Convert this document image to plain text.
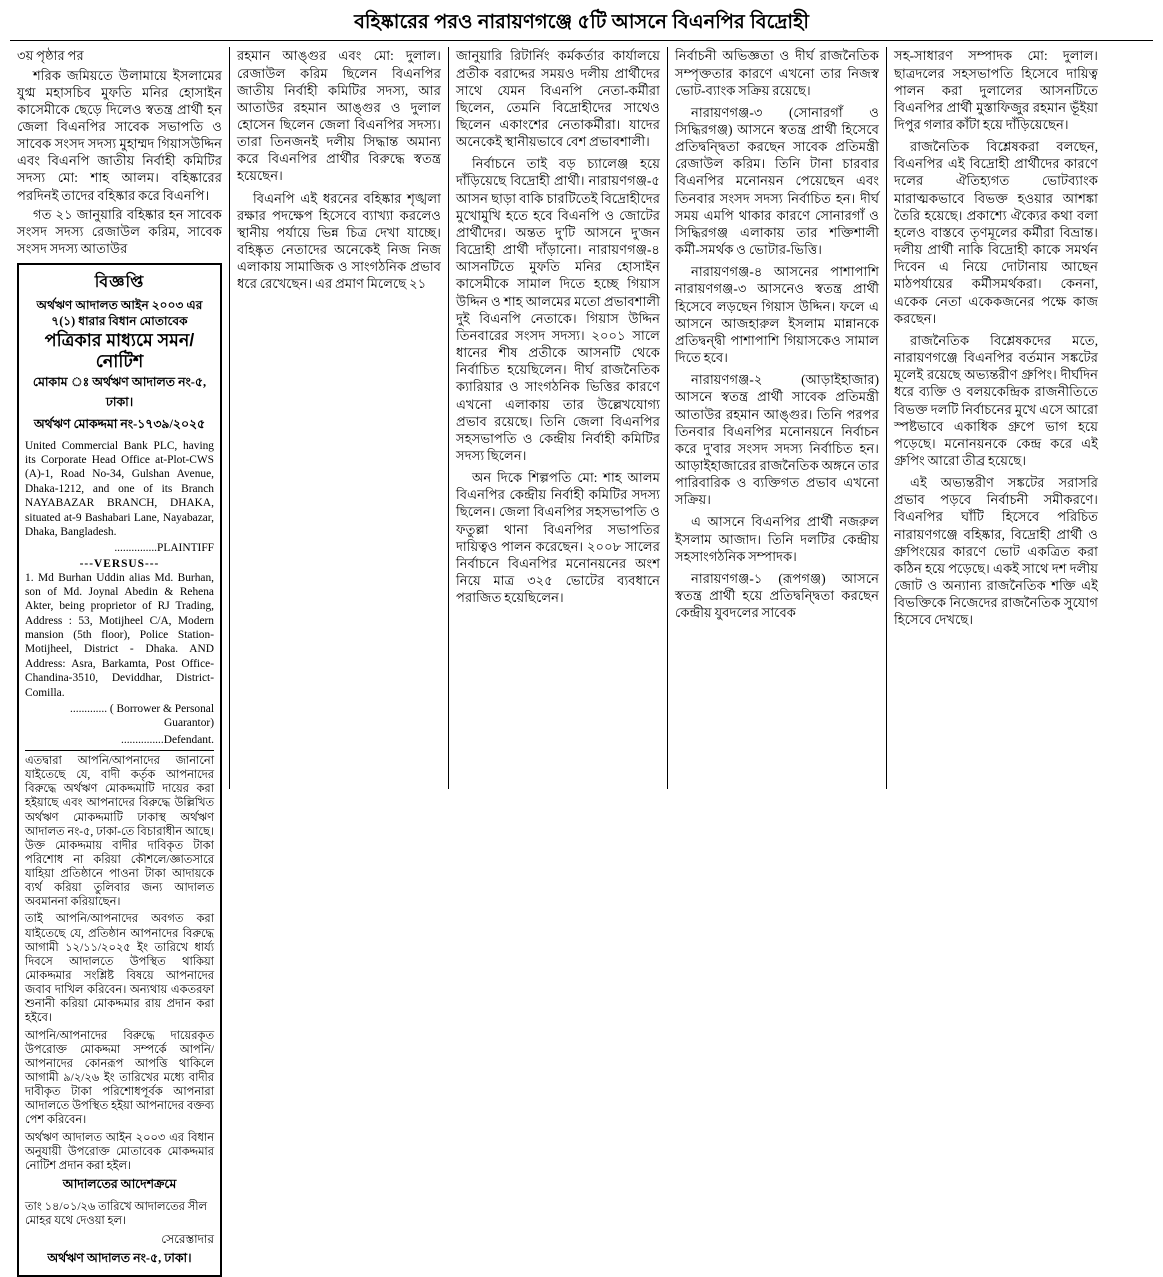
বহিষ্কারের পরও নারায়ণগঞ্জে ৫টি আসনে বিএনপির বিদ্রোহী

৩য় পৃষ্ঠার পর

শরিক জমিয়তে উলামায়ে ইসলামের যুগ্ম মহাসচিব মুফতি মনির হোসাইন কাসেমীকে ছেড়ে দিলেও স্বতন্ত্র প্রার্থী হন জেলা বিএনপির সাবেক সভাপতি ও সাবেক সংসদ সদস্য মুহাম্মদ গিয়াসউদ্দিন এবং বিএনপি জাতীয় নির্বাহী কমিটির সদস্য মো: শাহ আলম। বহিষ্কারের পরদিনই তাদের বহিষ্কার করে বিএনপি।

গত ২১ জানুয়ারি বহিষ্কার হন সাবেক সংসদ সদস্য রেজাউল করিম, সাবেক সংসদ সদস্য আতাউর

বিজ্ঞপ্তি
অর্থঋণ আদালত আইন ২০০৩ এর ৭(১) ধারার বিধান মোতাবেক
পত্রিকার মাধ্যমে সমন/নোটিশ
মোকাম ঃ অর্থঋণ আদালত নং-৫, ঢাকা।
অর্থঋণ মোকদ্দমা নং-১৭৩৯/২০২৫
United Commercial Bank PLC, having its Corporate Head Office at-Plot-CWS (A)-1, Road No-34, Gulshan Avenue, Dhaka-1212, and one of its Branch NAYABAZAR BRANCH, DHAKA, situated at-9 Bashabari Lane, Nayabazar, Dhaka, Bangladesh.
...............PLAINTIFF
---VERSUS---
1. Md Burhan Uddin alias Md. Burhan, son of Md. Joynal Abedin & Rehena Akter, being proprietor of RJ Trading, Address : 53, Motijheel C/A, Modern mansion (5th floor), Police Station- Motijheel, District - Dhaka. AND Address: Asra, Barkamta, Post Office-Chandina-3510, Deviddhar, District-Comilla.
............. ( Borrower & Personal Guarantor)
...............Defendant.
এতদ্বারা আপনি/আপনাদের জানানো যাইতেছে যে, বাদী কর্তৃক আপনাদের বিরুদ্ধে অর্থঋণ মোকদ্দমাটি দায়ের করা হইয়াছে এবং আপনাদের বিরুদ্ধে উল্লিখিত অর্থঋণ মোকদ্দমাটি ঢাকাস্থ অর্থঋণ আদালত নং-৫, ঢাকা-তে বিচারাধীন আছে। উক্ত মোকদ্দমায় বাদীর দাবিকৃত টাকা পরিশোধ না করিয়া কৌশলে/জ্ঞাতসারে যাহিয়া প্রতিষ্ঠানে পাওনা টাকা আদায়কে ব্যর্থ করিয়া তুলিবার জন্য আদালত অবমাননা করিয়াছেন।
তাই আপনি/আপনাদের অবগত করা যাইতেছে যে, প্রতিষ্ঠান আপনাদের বিরুদ্ধে আগামী ১২/১১/২০২৫ ইং তারিখে ধার্য্য দিবসে আদালতে উপস্থিত থাকিয়া মোকদ্দমার সংশ্লিষ্ট বিষয়ে আপনাদের জবাব দাখিল করিবেন। অন্যথায় একতরফা শুনানী করিয়া মোকদ্দমার রায় প্রদান করা হইবে।
আপনি/আপনাদের বিরুদ্ধে দায়েরকৃত উপরোক্ত মোকদ্দমা সম্পর্কে আপনি/আপনাদের কোনরূপ আপত্তি থাকিলে আগামী ৯/২/২৬ ইং তারিখের মধ্যে বাদীর দাবীকৃত টাকা পরিশোধপূর্বক আপনারা আদালতে উপস্থিত হইয়া আপনাদের বক্তব্য পেশ করিবেন।
অর্থঋণ আদালত আইন ২০০৩ এর বিধান অনুযায়ী উপরোক্ত মোতাবেক মোকদ্দমার নোটিশ প্রদান করা হইল।
আদালতের আদেশক্রমে
তাং ১৪/০১/২৬ তারিখে আদালতের সীল মোহর যথে দেওয়া হল।
সেরেস্তাদার
অর্থঋণ আদালত নং-৫, ঢাকা।

রহমান আঙ্গুর এবং মো: দুলাল। রেজাউল করিম ছিলেন বিএনপির জাতীয় নির্বাহী কমিটির সদস্য, আর আতাউর রহমান আঙ্গুর ও দুলাল হোসেন ছিলেন জেলা বিএনপির সদস্য। তারা তিনজনই দলীয় সিদ্ধান্ত অমান্য করে বিএনপির প্রার্থীর বিরুদ্ধে স্বতন্ত্র হয়েছেন।

বিএনপি এই ধরনের বহিষ্কার শৃঙ্খলা রক্ষার পদক্ষেপ হিসেবে ব্যাখ্যা করলেও স্থানীয় পর্যায়ে ভিন্ন চিত্র দেখা যাচ্ছে। বহিষ্কৃত নেতাদের অনেকেই নিজ নিজ এলাকায় সামাজিক ও সাংগঠনিক প্রভাব ধরে রেখেছেন। এর প্রমাণ মিলেছে ২১

জানুয়ারি রিটার্নিং কর্মকর্তার কার্যালয়ে প্রতীক বরাদ্দের সময়ও দলীয় প্রার্থীদের সাথে যেমন বিএনপি নেতা-কর্মীরা ছিলেন, তেমনি বিদ্রোহীদের সাথেও ছিলেন একাংশের নেতাকর্মীরা। যাদের অনেকেই স্থানীয়ভাবে বেশ প্রভাবশালী।

নির্বাচনে তাই বড় চ্যালেঞ্জ হয়ে দাঁড়িয়েছে বিদ্রোহী প্রার্থী। নারায়ণগঞ্জ-৫ আসন ছাড়া বাকি চারটিতেই বিদ্রোহীদের মুখোমুখি হতে হবে বিএনপি ও জোটের প্রার্থীদের। অন্তত দু'টি আসনে দু'জন বিদ্রোহী প্রার্থী দাঁড়ানো। নারায়ণগঞ্জ-৪ আসনটিতে মুফতি মনির হোসাইন কাসেমীকে সামাল দিতে হচ্ছে গিয়াস উদ্দিন ও শাহ আলমের মতো প্রভাবশালী দুই বিএনপি নেতাকে। গিয়াস উদ্দিন তিনবারের সংসদ সদস্য। ২০০১ সালে ধানের শীষ প্রতীকে আসনটি থেকে নির্বাচিত হয়েছিলেন। দীর্ঘ রাজনৈতিক ক্যারিয়ার ও সাংগঠনিক ভিত্তির কারণে এখনো এলাকায় তার উল্লেখযোগ্য প্রভাব রয়েছে। তিনি জেলা বিএনপির সহসভাপতি ও কেন্দ্রীয় নির্বাহী কমিটির সদস্য ছিলেন।

অন দিকে শিল্পপতি মো: শাহ আলম বিএনপির কেন্দ্রীয় নির্বাহী কমিটির সদস্য ছিলেন। জেলা বিএনপির সহসভাপতি ও ফতুল্লা থানা বিএনপির সভাপতির দায়িত্বও পালন করেছেন। ২০০৮ সালের নির্বাচনে বিএনপির মনোনয়নের অংশ নিয়ে মাত্র ৩২৫ ভোটের ব্যবধানে পরাজিত হয়েছিলেন।

নির্বাচনী অভিজ্ঞতা ও দীর্ঘ রাজনৈতিক সম্পৃক্ততার কারণে এখনো তার নিজস্ব ভোট-ব্যাংক সক্রিয় রয়েছে।

নারায়ণগঞ্জ-৩ (সোনারগাঁ ও সিদ্ধিরগঞ্জ) আসনে স্বতন্ত্র প্রার্থী হিসেবে প্রতিদ্বন্দ্বিতা করছেন সাবেক প্রতিমন্ত্রী রেজাউল করিম। তিনি টানা চারবার বিএনপির মনোনয়ন পেয়েছেন এবং তিনবার সংসদ সদস্য নির্বাচিত হন। দীর্ঘ সময় এমপি থাকার কারণে সোনারগাঁ ও সিদ্ধিরগঞ্জ এলাকায় তার শক্তিশালী কর্মী-সমর্থক ও ভোটার-ভিত্তি।

নারায়ণগঞ্জ-৪ আসনের পাশাপাশি নারায়ণগঞ্জ-৩ আসনেও স্বতন্ত্র প্রার্থী হিসেবে লড়ছেন গিয়াস উদ্দিন। ফলে এ আসনে আজহারুল ইসলাম মান্নানকে প্রতিদ্বন্দ্বী পাশাপাশি গিয়াসকেও সামাল দিতে হবে।

নারায়ণগঞ্জ-২ (আড়াইহাজার) আসনে স্বতন্ত্র প্রার্থী সাবেক প্রতিমন্ত্রী আতাউর রহমান আঙ্গুর। তিনি পরপর তিনবার বিএনপির মনোনয়নে নির্বাচন করে দু'বার সংসদ সদস্য নির্বাচিত হন। আড়াইহাজারের রাজনৈতিক অঙ্গনে তার পারিবারিক ও ব্যক্তিগত প্রভাব এখনো সক্রিয়।

এ আসনে বিএনপির প্রার্থী নজরুল ইসলাম আজাদ। তিনি দলটির কেন্দ্রীয় সহসাংগঠনিক সম্পাদক।

নারায়ণগঞ্জ-১ (রূপগঞ্জ) আসনে স্বতন্ত্র প্রার্থী হয়ে প্রতিদ্বন্দ্বিতা করছেন কেন্দ্রীয় যুবদলের সাবেক

সহ-সাধারণ সম্পাদক মো: দুলাল। ছাত্রদলের সহসভাপতি হিসেবে দায়িত্ব পালন করা দুলালের আসনটিতে বিএনপির প্রার্থী মুস্তাফিজুর রহমান ভূঁইয়া দিপুর গলার কাঁটা হয়ে দাঁড়িয়েছেন।

রাজনৈতিক বিশ্লেষকরা বলছেন, বিএনপির এই বিদ্রোহী প্রার্থীদের কারণে দলের ঐতিহ্যগত ভোটব্যাংক মারাত্মকভাবে বিভক্ত হওয়ার আশঙ্কা তৈরি হয়েছে। প্রকাশ্যে ঐক্যের কথা বলা হলেও বাস্তবে তৃণমূলের কর্মীরা বিভ্রান্ত। দলীয় প্রার্থী নাকি বিদ্রোহী কাকে সমর্থন দিবেন এ নিয়ে দোটানায় আছেন মাঠপর্যায়ের কর্মীসমর্থকরা। কেননা, একেক নেতা একেকজনের পক্ষে কাজ করছেন।

রাজনৈতিক বিশ্লেষকদের মতে, নারায়ণগঞ্জে বিএনপির বর্তমান সঙ্কটের মূলেই রয়েছে অভ্যন্তরীণ গ্রুপিং। দীর্ঘদিন ধরে ব্যক্তি ও বলয়কেন্দ্রিক রাজনীতিতে বিভক্ত দলটি নির্বাচনের মুখে এসে আরো স্পষ্টভাবে একাধিক গ্রুপে ভাগ হয়ে পড়েছে। মনোনয়নকে কেন্দ্র করে এই গ্রুপিং আরো তীব্র হয়েছে।

এই অভ্যন্তরীণ সঙ্কটের সরাসরি প্রভাব পড়বে নির্বাচনী সমীকরণে। বিএনপির ঘাঁটি হিসেবে পরিচিত নারায়ণগঞ্জে বহিষ্কার, বিদ্রোহী প্রার্থী ও গ্রুপিংয়ের কারণে ভোট একত্রিত করা কঠিন হয়ে পড়েছে। একই সাথে দশ দলীয় জোট ও অন্যান্য রাজনৈতিক শক্তি এই বিভক্তিকে নিজেদের রাজনৈতিক সুযোগ হিসেবে দেখছে।
